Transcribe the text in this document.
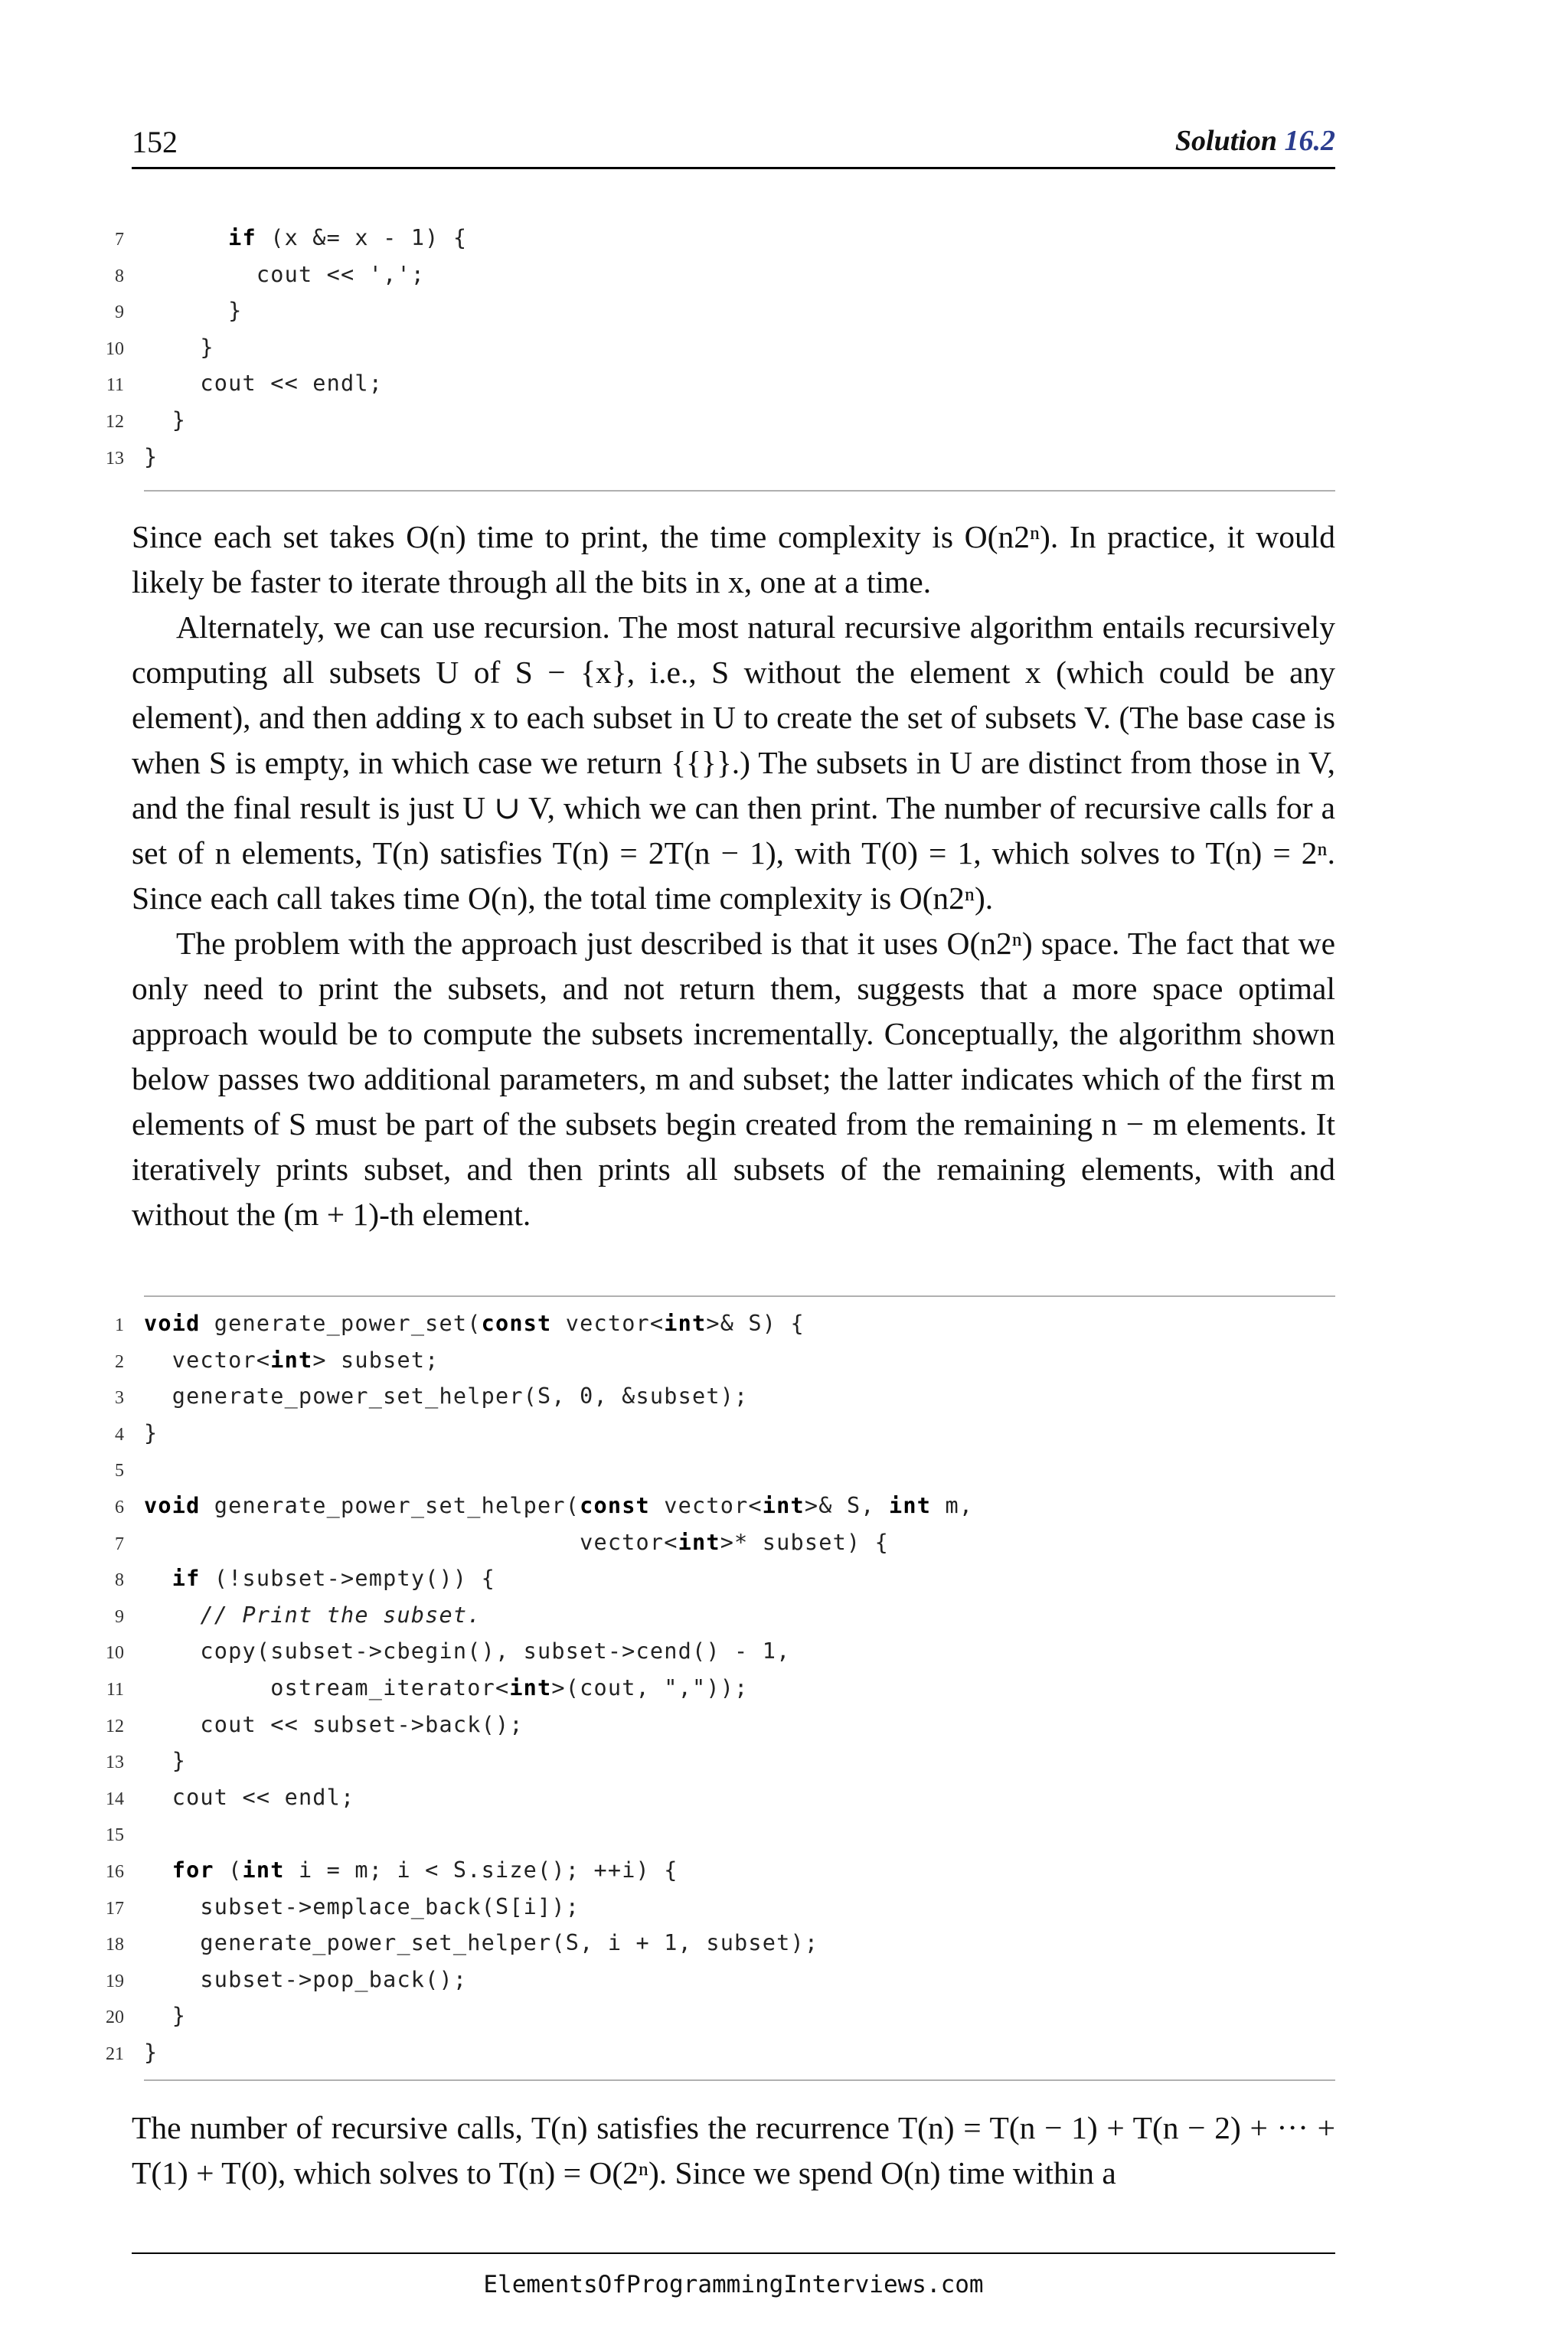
152	Solution 16.2
7	if (x &= x - 1) {
8 cout << ',';
9 }
10 }
11 cout << endl;
12 }
13 }

Since each set takes O(n) time to print, the time complexity is O(n2ⁿ). In practice, it would likely be faster to iterate through all the bits in x, one at a time.

Alternately, we can use recursion. The most natural recursive algorithm entails recursively computing all subsets U of S − {x}, i.e., S without the element x (which could be any element), and then adding x to each subset in U to create the set of subsets V. (The base case is when S is empty, in which case we return {{}}.) The subsets in U are distinct from those in V, and the final result is just U ∪ V, which we can then print. The number of recursive calls for a set of n elements, T(n) satisfies T(n) = 2T(n − 1), with T(0) = 1, which solves to T(n) = 2ⁿ. Since each call takes time O(n), the total time complexity is O(n2ⁿ).

The problem with the approach just described is that it uses O(n2ⁿ) space. The fact that we only need to print the subsets, and not return them, suggests that a more space optimal approach would be to compute the subsets incrementally. Conceptually, the algorithm shown below passes two additional parameters, m and subset; the latter indicates which of the first m elements of S must be part of the subsets begin created from the remaining n − m elements. It iteratively prints subset, and then prints all subsets of the remaining elements, with and without the (m + 1)-th element.

1 void generate_power_set(const vector<int>& S) {
2 vector<int> subset;
3 generate_power_set_helper(S, 0, &subset);
4 }
5
6 void generate_power_set_helper(const vector<int>& S, int m,
7 vector<int>* subset) {
8	if (!subset->empty()) {
9	// Print the subset.
10 copy(subset->cbegin(), subset->cend() - 1,
11 ostream_iterator<int>(cout, ","));
12 cout << subset->back();
13 }
14 cout << endl;
15
16	for (int i = m; i < S.size(); ++i) {
17 subset->emplace_back(S[i]);
18 generate_power_set_helper(S, i + 1, subset);
19 subset->pop_back();
20 }
21 }

The number of recursive calls, T(n) satisfies the recurrence T(n) = T(n − 1) + T(n − 2) + ··· + T(1) + T(0), which solves to T(n) = O(2ⁿ). Since we spend O(n) time within a

ElementsOfProgrammingInterviews.com
